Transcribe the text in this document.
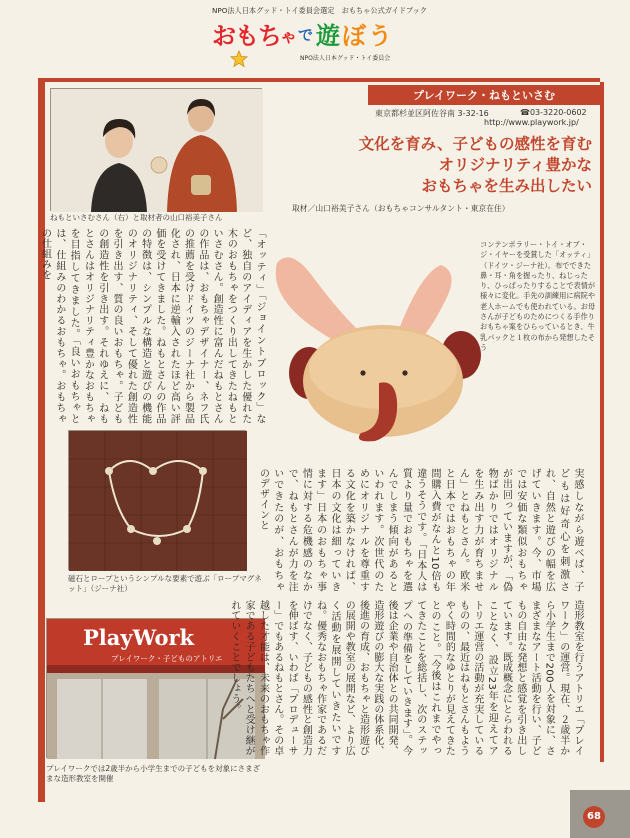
NPO法人日本グッド・トイ委員会選定　おもちゃ公式ガイドブック
お も ち ゃ で 遊 ぼ う
NPO法人日本グッド・トイ委員会
プレイワーク・ねもといさむ
東京都杉並区阿佐谷南 3-32-16	☎03-3220-0602
http://www.playwork.jp/
文化を育み、子どもの感性を育む
オリジナリティ豊かな
おもちゃを生み出したい
取材／山口裕美子さん（おもちゃコンサルタント・東京在住）
ねもといさむさん（右）と取材者の山口裕美子さん
「オッティ」「ジョイントブロック」など、独自のアイディアを生かした優れた木のおもちゃをつくり出してきたねもといさむさん。創造性に富んだねもとさんの作品は、おもちゃデザイナー、ネフ氏の推薦を受けドイツのジーナ社から製品化され、日本に逆輸入されたほど高い評価を受けてきました。ねもとさんの作品の特徴は、シンプルな構造と遊びの機能のオリジナリティ、そして優れた創造性を引き出す、質の良いおもちゃ。子どもの創造性を引き出す。それゆえに、ねもとさんはオリジナリティ豊かなおもちゃを目指してきました。「良いおもちゃとは、仕組みのわかるおもちゃ。おもちゃの仕組みを
磁石とロープというシンプルな要素で遊ぶ「ロープマグネット」（ジーナ社）
PlayWork
プレイワーク・子どものアトリエ
プレイワークでは2歳半から小学生までの子どもを対象にさまざまな造形教室を開催
コンテンポラリー・トイ・オブ・ジ・イヤーを受賞した「オッティ」（ドイツ・ジーナ社）。布でできた鼻・耳・角を握ったり、ねじったり、ひっぱったりすることで表情が様々に変化。手先の訓練用に病院や老人ホームでも使われている。お母さんが子どものためにつくる手作りおもちゃ案をひらっているとき、牛乳パックと１枚の布から発想したそう
実感しながら遊べば、子どもは好奇心を刺激され、自然と遊びの幅を広げていきます。今、市場では安価な類似おもちゃが出回っていますが、「偽物ばかりではオリジナルを生み出す力が育ちません」とねもとさん。欧米と日本ではおもちゃの年間購入費がなんと10倍も違うそうです。「日本人は質より量でおもちゃを選んでしまう傾向があるといわれます。次世代のためにオリジナルを尊重する文化を築かなければ、日本の文化は細っていきます」日本のおもちゃ事情に対する危機感のなかで、ねもとさんが力を注いできたのが、おもちゃのデザインと
造形教室を行うアトリエ「プレイワーク」の運営。現在、２歳半から小学生まで200人を対象に、さまざまなアート活動を行い、子どもの自由な発想と感覚を引き出しています。既成概念にとらわれることなく、設立23年を迎えてアトリエ運営の活動が充実しているものの、最近はねもとさんもようやく時間的なゆとりが見えてきたとのこと。「今後はこれまでやってきたことを総括し、次のステップへの準備をしていきます」。今後は企業や自治体との共同開発、造形遊びの膨大な実践の体系化、後進の育成、おもちゃと造形遊びの展開や教室の展開など、より広く活動を展開していきたいですね。優秀なおもちゃ作家であるだけでなく、子どもの感性と創造力を伸ばす、いわば「プロデューサー」でもあるねもとさん。その卓越した才能は、未来のおもちゃ作家である子どもたちへと受け継がれていくことでしょう。
68
